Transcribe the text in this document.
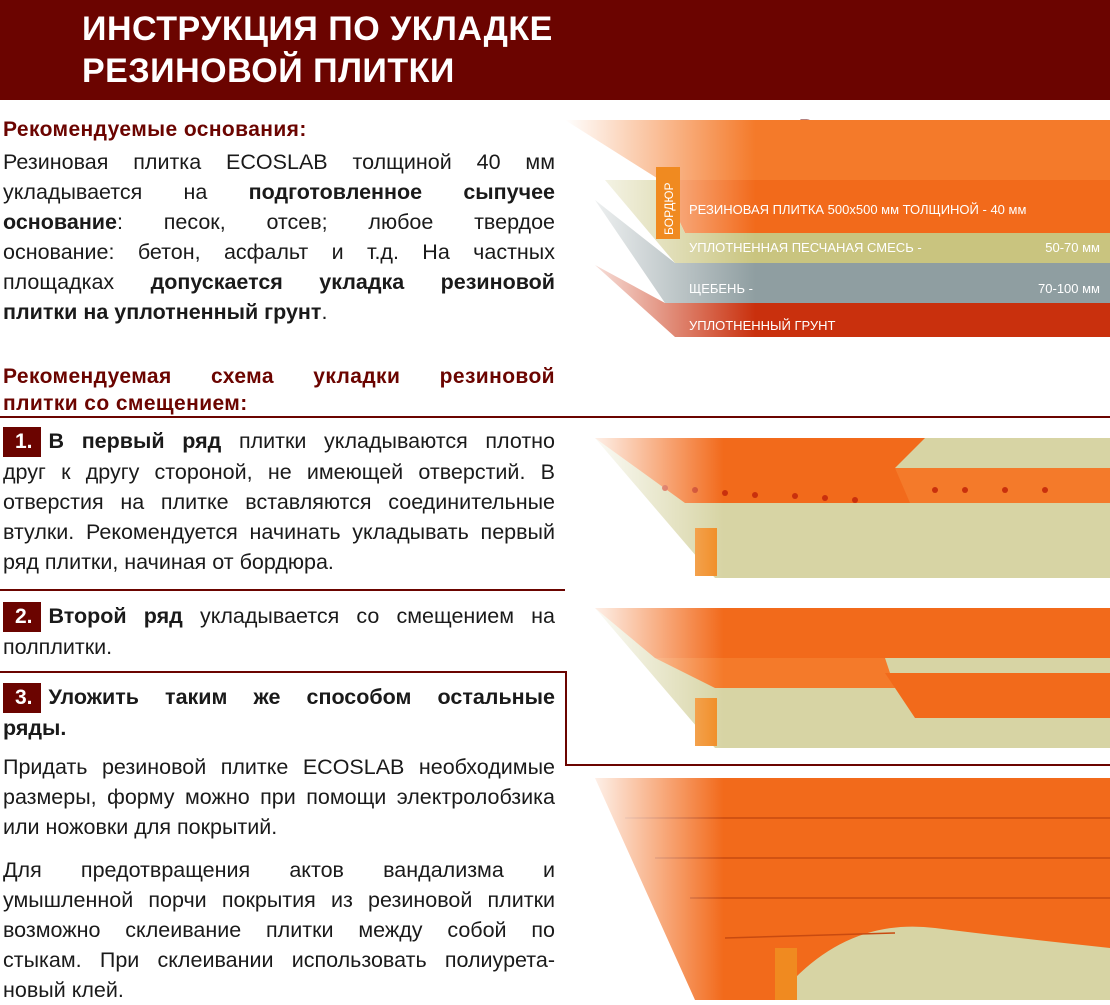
ИНСТРУКЦИЯ ПО УКЛАДКЕ
РЕЗИНОВОЙ ПЛИТКИ
Рекомендуемые основания:
Резиновая плитка ECOSLAB толщиной 40 мм
укладывается на подготовленное сыпучее
основание: песок, отсев; любое твердое
основание: бетон, асфальт и т.д. На частных
площадках допускается укладка резиновой
плитки на уплотненный грунт.
Рекомендуемая схема укладки резиновой
плитки со смещением:
1. В первый ряд плитки укладываются плотно
друг к другу стороной, не имеющей отверстий. В
отверстия на плитке вставляются соединительные
втулки. Рекомендуется начинать укладывать первый
ряд плитки, начиная от бордюра.
2. Второй ряд укладывается со смещением на
полплитки.
3. Уложить таким же способом остальные
ряды.
Придать резиновой плитке ECOSLAB необходимые
размеры, форму можно при помощи электролобзика
или ножовки для покрытий.
Для предотвращения актов вандализма и
умышленной порчи покрытия из резиновой плитки
возможно склеивание плитки между собой по
стыкам. При склеивании использовать полиурета-
новый клей.
БОРДЮР РЕЗИНОВАЯ ПЛИТКА 500x500 мм ТОЛЩИНОЙ - 40 мм
УПЛОТНЕННАЯ ПЕСЧАНАЯ СМЕСЬ -	50-70 мм
ЩЕБЕНЬ -	70-100 мм
УПЛОТНЕННЫЙ ГРУНТ
